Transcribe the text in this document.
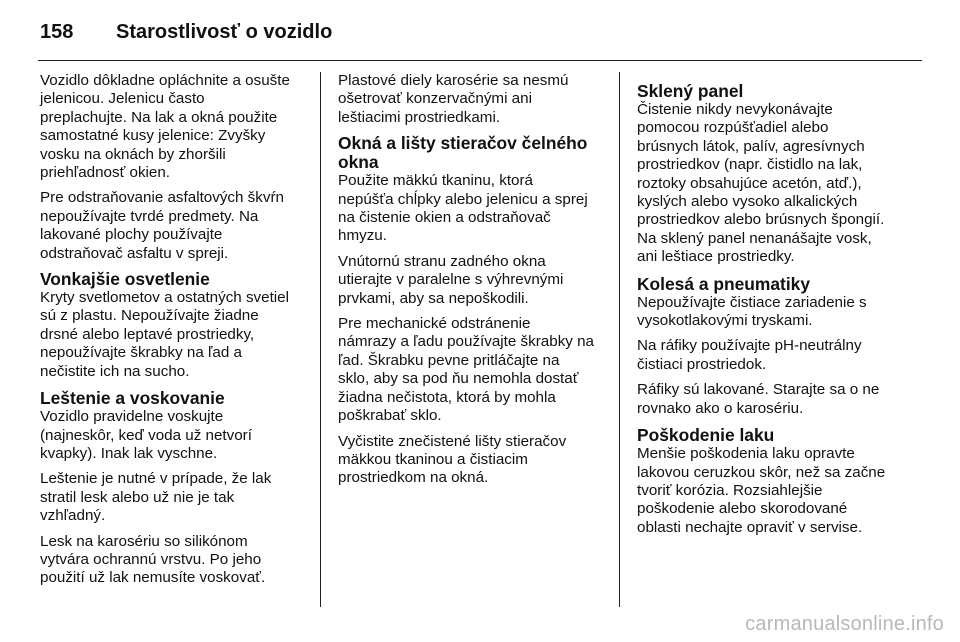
158	Starostlivosť o vozidlo

Vozidlo dôkladne opláchnite a osušte
jelenicou. Jelenicu často
preplachujte. Na lak a okná použite
samostatné kusy jelenice: Zvyšky
vosku na oknách by zhoršili
priehľadnosť okien.

Pre odstraňovanie asfaltových škvŕn
nepoužívajte tvrdé predmety. Na
lakované plochy používajte
odstraňovač asfaltu v spreji.

Vonkajšie osvetlenie

Kryty svetlometov a ostatných svetiel
sú z plastu. Nepoužívajte žiadne
drsné alebo leptavé prostriedky,
nepoužívajte škrabky na ľad a
nečistite ich na sucho.

Leštenie a voskovanie

Vozidlo pravidelne voskujte
(najneskôr, keď voda už netvorí
kvapky). Inak lak vyschne.

Leštenie je nutné v prípade, že lak
stratil lesk alebo už nie je tak
vzhľadný.

Lesk na karosériu so silikónom
vytvára ochrannú vrstvu. Po jeho
použití už lak nemusíte voskovať.

Plastové diely karosérie sa nesmú
ošetrovať konzervačnými ani
leštiacimi prostriedkami.

Okná a lišty stieračov čelného
okna

Použite mäkkú tkaninu, ktorá
nepúšťa chĺpky alebo jelenicu a sprej
na čistenie okien a odstraňovač
hmyzu.

Vnútornú stranu zadného okna
utierajte v paralelne s výhrevnými
prvkami, aby sa nepoškodili.

Pre mechanické odstránenie
námrazy a ľadu používajte škrabky na
ľad. Škrabku pevne pritláčajte na
sklo, aby sa pod ňu nemohla dostať
žiadna nečistota, ktorá by mohla
poškrabať sklo.

Vyčistite znečistené lišty stieračov
mäkkou tkaninou a čistiacim
prostriedkom na okná.

Sklený panel

Čistenie nikdy nevykonávajte
pomocou rozpúšťadiel alebo
brúsnych látok, palív, agresívnych
prostriedkov (napr. čistidlo na lak,
roztoky obsahujúce acetón, atď.),
kyslých alebo vysoko alkalických
prostriedkov alebo brúsnych špongií.
Na sklený panel nenanášajte vosk,
ani leštiace prostriedky.

Kolesá a pneumatiky

Nepoužívajte čistiace zariadenie s
vysokotlakovými tryskami.

Na ráfiky používajte pH-neutrálny
čistiaci prostriedok.

Ráfiky sú lakované. Starajte sa o ne
rovnako ako o karosériu.

Poškodenie laku

Menšie poškodenia laku opravte
lakovou ceruzkou skôr, než sa začne
tvoriť korózia. Rozsiahlejšie
poškodenie alebo skorodované
oblasti nechajte opraviť v servise.

carmanualsonline.info
